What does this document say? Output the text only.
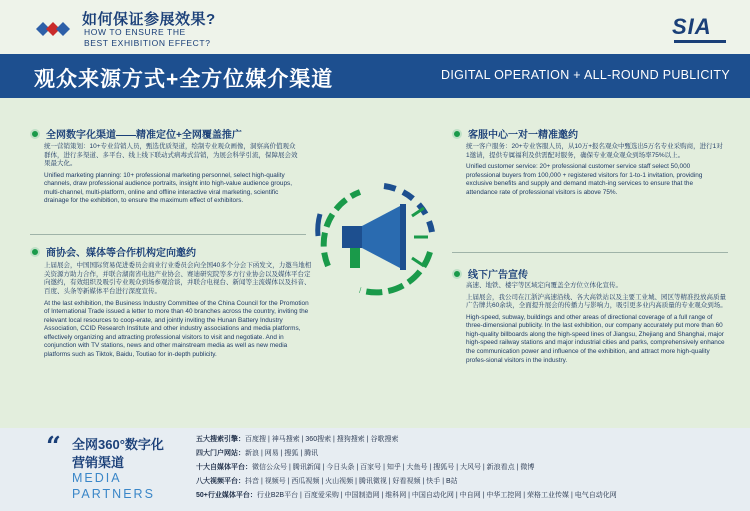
如何保证参展效果?
HOW TO ENSURE THE
BEST EXHIBITION EFFECT?
SIA
观众来源方式+全方位媒介渠道	DIGITAL OPERATION + ALL-ROUND PUBLICITY
全网数字化渠道——精准定位+全网覆盖推广

统一营销策划：10+专业营销人员，甄选优质渠道，绘制专业观众画像，洞察高价值观众群体，进行多渠道、多平台、线上线下联动式病毒式营销，为展会科学引流，保障展会效果最大化。

Unified marketing planning: 10+ professional marketing personnel, select high-quality channels, draw professional audience portraits, insight into high-value audience groups, multi-channel, multi-platform, online and offline interactive viral marketing, scientific drainage for the exhibition, to ensure the maximum effect of exhibitors.

商协会、媒体等合作机构定向邀约

上届展会，中国国际贸易促进委员会商业行业委员会向全国40多个分会下函发文，力邀当地相关资源方助力合作，并联合湖南省电池产业协会、赛迪研究院等多方行业协会以及媒体平台定向邀约，有效组织及吸引专业观众到场参观洽谈，并联合电视台、新闻等主流媒体以及抖音、百度、头条等新媒体平台进行深度宣传。

At the last exhibition, the Business Industry Committee of the China Council for the Promotion of International Trade issued a letter to more than 40 branches across the country, inviting the relevant local resources to coop-erate, and jointly inviting the Hunan Battery Industry Association, CCID Research Institute and other industry associations and media platforms, effectively organizing and attracting professional visitors to visit and negotiate. And in conjunction with TV stations, news and other mainstream media as well as new media platforms such as Tiktok, Baidu, Toutiao for in-depth publicity.

客服中心一对一精准邀约

统一客户服务：20+专业客服人员，从10万+报名观众中甄选出5万名专业采购商，进行1对1邀请，提供专属福利及供需配对服务，确保专业观众观众到场率75%以上。

Unified customer service: 20+ professional customer service staff select 50,000 professional buyers from 100,000 + registered visitors for 1-to-1 invitation, providing exclusive benefits and supply and demand match-ing services to ensure that the attendance rate of professional visitors is above 75%.

线下广告宣传

高速、地铁、楼宇等区域定向覆盖全方位立体化宣传。

上届展会，我公司在江浙沪高速沿线、各大高铁站以及主要工业城、园区等精准投放高质量广告牌共60余块，全面提升展会的传播力与影响力，吸引更多业内高质量的专业观众到场。

High-speed, subway, buildings and other areas of directional coverage of a full range of three-dimensional publicity. In the last exhibition, our company accurately put more than 60 high-quality billboards along the high-speed lines of Jiangsu, Zhejiang and Shanghai, major high-speed railway stations and major industrial cities and parks, comprehensively enhance the communication power and influence of the exhibition, and attract more high-quality profes-sional visitors in the industry.

“ 全网360°数字化
营销渠道
MEDIA
PARTNERS
五大搜索引擎：百度搜 | 神马搜索 | 360搜索 | 搜狗搜索 | 谷歌搜索
四大门户网站：新浪 | 网易 | 搜狐 | 腾讯
十大自媒体平台：微信公众号 | 腾讯新闻 | 今日头条 | 百家号 | 知乎 | 大鱼号 | 搜狐号 | 大风号 | 新浪看点 | 微博
八大视频平台：抖音 | 视频号 | 西瓜视频 | 火山视频 | 腾讯微视 | 好看视频 | 快手 | B站
50+行业媒体平台：行业B2B平台 | 百度爱采购 | 中国制造网 | 维科网 | 中国自动化网 | 中自网 | 中华工控网 | 荣格工业传媒 | 电气自动化网
